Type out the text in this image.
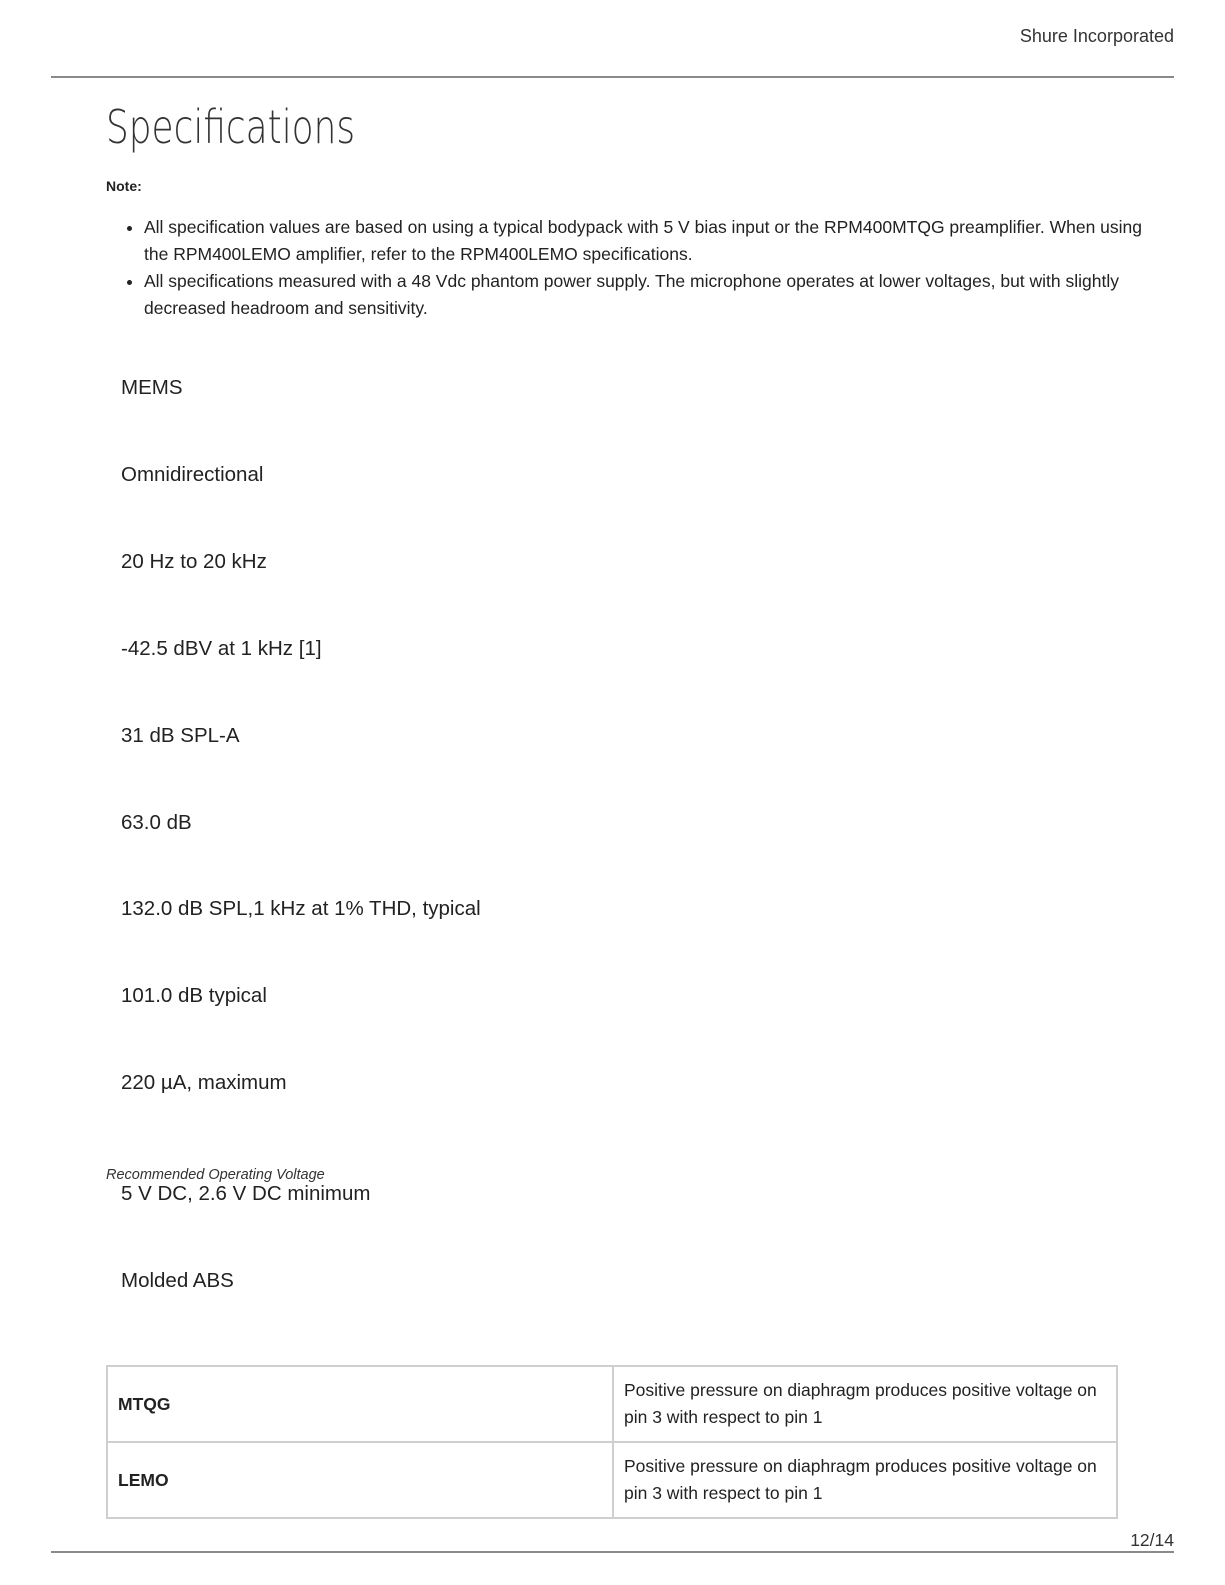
Shure Incorporated
Specifications
Note:
• All specification values are based on using a typical bodypack with 5 V bias input or the RPM400MTQG preamplifier. When using the RPM400LEMO amplifier, refer to the RPM400LEMO specifications.
• All specifications measured with a 48 Vdc phantom power supply. The microphone operates at lower voltages, but with slightly decreased headroom and sensitivity.
MEMS
Omnidirectional
20 Hz to 20 kHz
-42.5 dBV at 1 kHz [1]
31 dB SPL-A
63.0 dB
132.0 dB SPL,1 kHz at 1% THD, typical
101.0 dB typical
220 µA, maximum
Recommended Operating Voltage
5 V DC, 2.6 V DC minimum
Molded ABS
MTQG	Positive pressure on diaphragm produces positive voltage on pin 3 with respect to pin 1
LEMO	Positive pressure on diaphragm produces positive voltage on pin 3 with respect to pin 1
12/14
